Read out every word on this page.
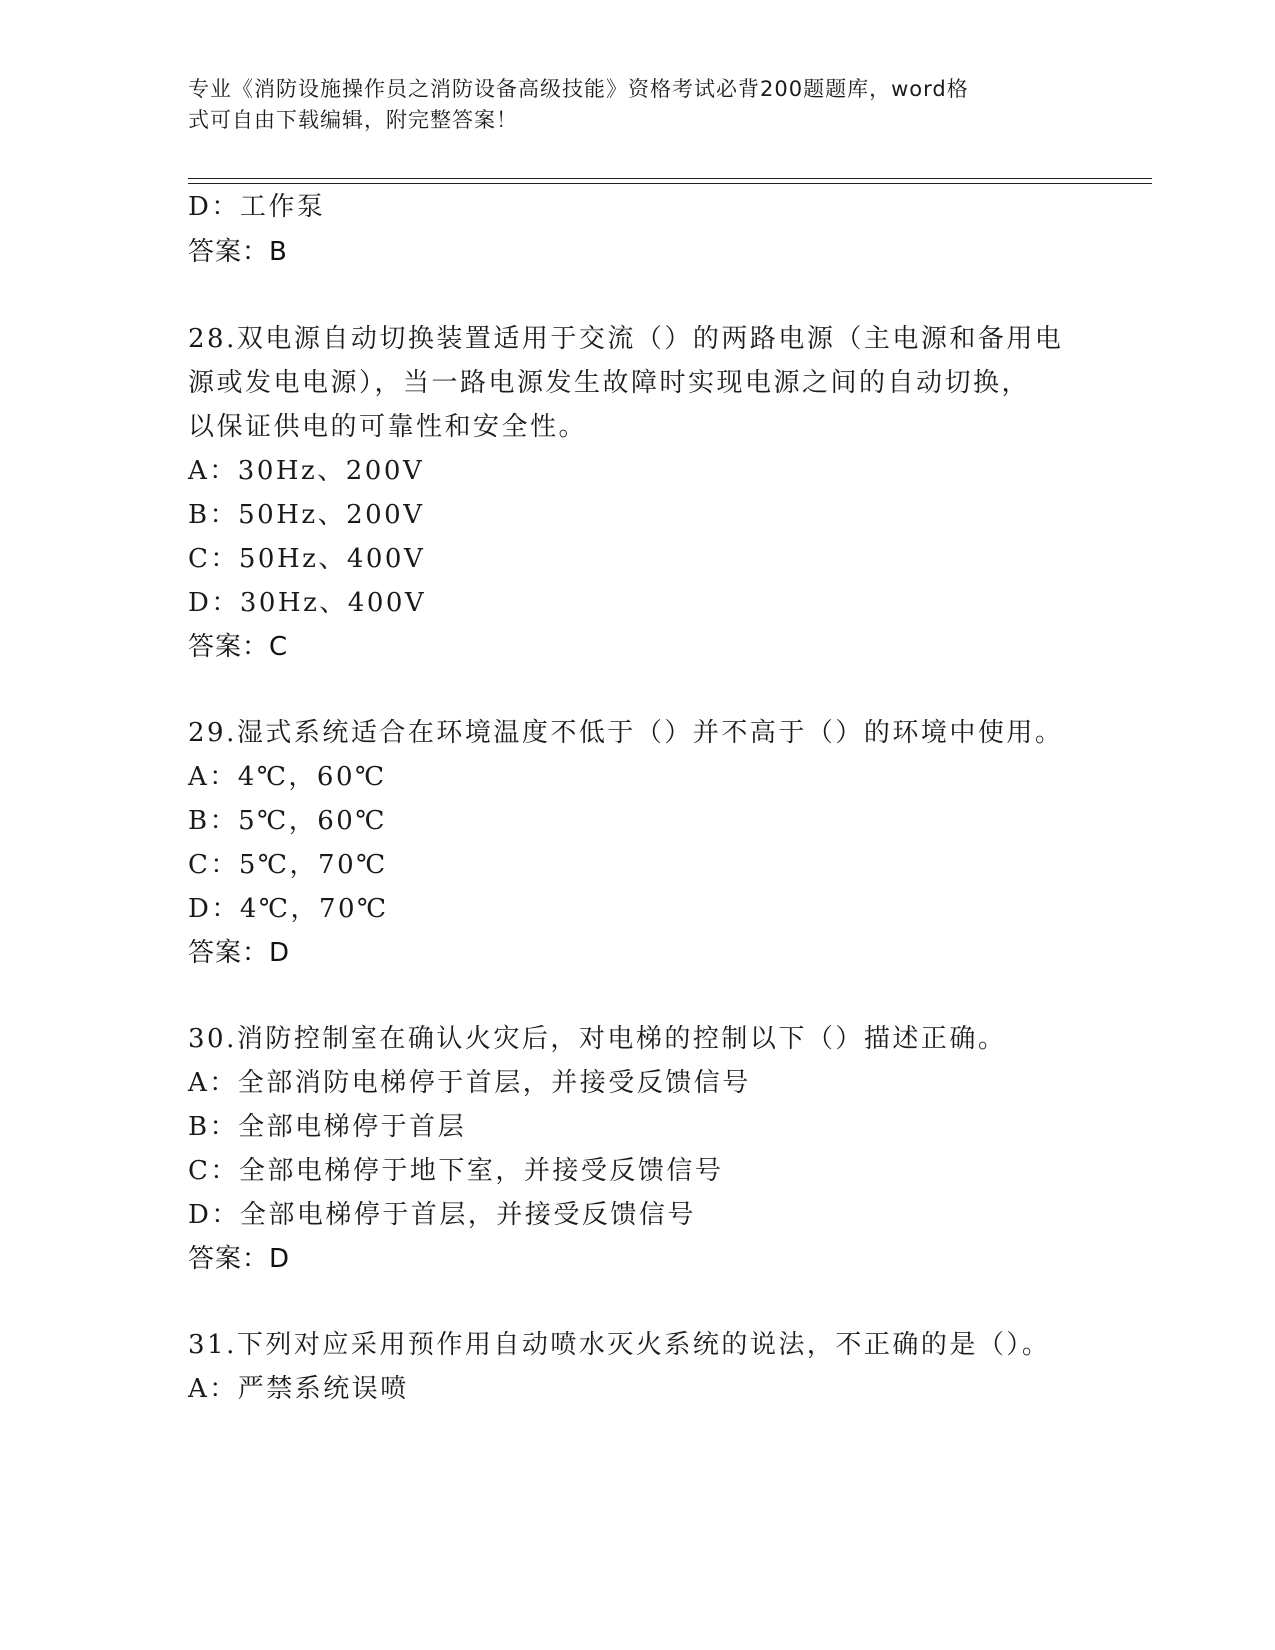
专业《消防设施操作员之消防设备高级技能》资格考试必背200题题库，word格
式可自由下载编辑，附完整答案！
D：工作泵
答案：B
28.双电源自动切换装置适用于交流（）的两路电源（主电源和备用电
源或发电电源），当一路电源发生故障时实现电源之间的自动切换，
以保证供电的可靠性和安全性。
A：30Hz、200V
B：50Hz、200V
C：50Hz、400V
D：30Hz、400V
答案：C
29.湿式系统适合在环境温度不低于（）并不高于（）的环境中使用。
A：4℃，60℃
B：5℃，60℃
C：5℃，70℃
D：4℃，70℃
答案：D
30.消防控制室在确认火灾后，对电梯的控制以下（）描述正确。
A：全部消防电梯停于首层，并接受反馈信号
B：全部电梯停于首层
C：全部电梯停于地下室，并接受反馈信号
D：全部电梯停于首层，并接受反馈信号
答案：D
31.下列对应采用预作用自动喷水灭火系统的说法，不正确的是（）。
A：严禁系统误喷
